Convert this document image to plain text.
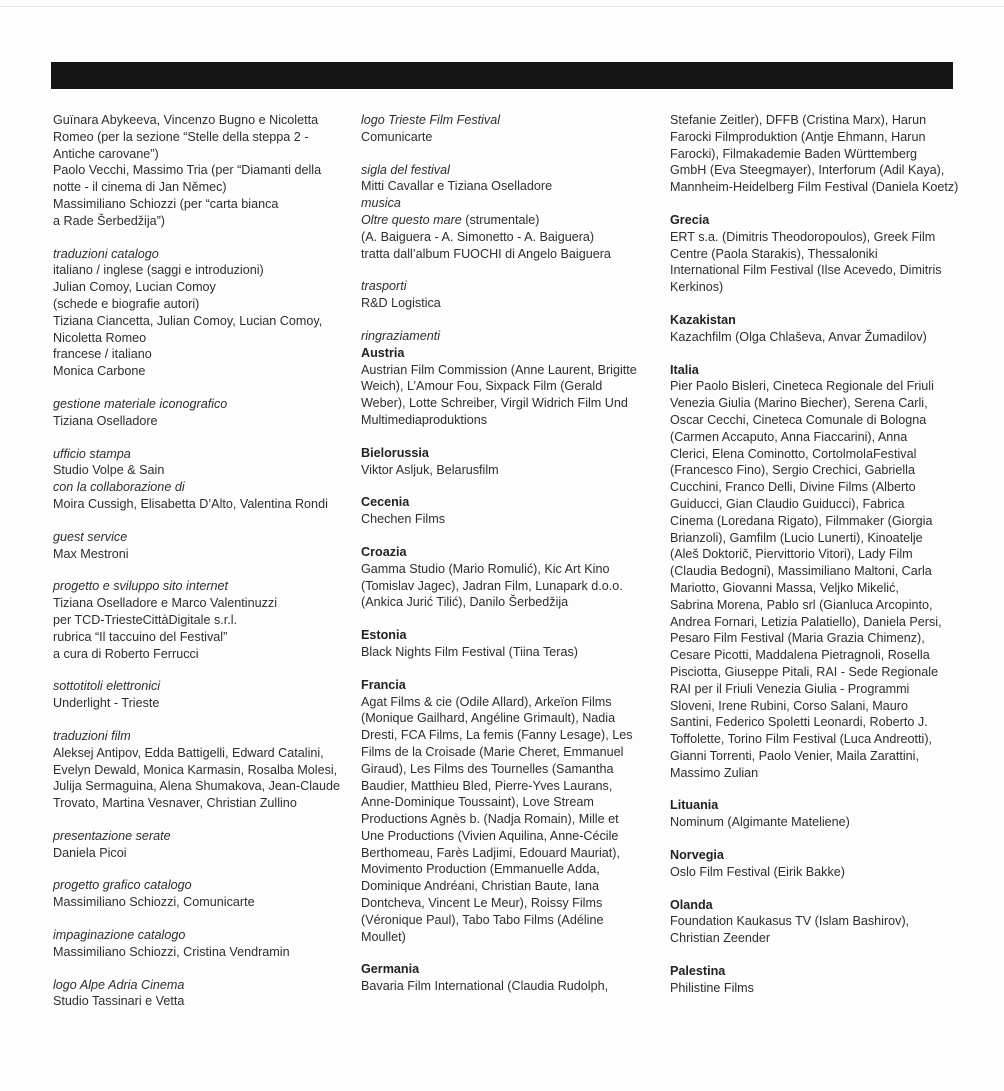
Guïnara Abykeeva, Vincenzo Bugno e Nicoletta
Romeo (per la sezione “Stelle della steppa 2 -
Antiche carovane”)
Paolo Vecchi, Massimo Tria (per “Diamanti della
notte - il cinema di Jan Němec)
Massimiliano Schiozzi (per “carta bianca
a Rade Šerbedžija”)
traduzioni catalogo
italiano / inglese (saggi e introduzioni)
Julian Comoy, Lucian Comoy
(schede e biografie autori)
Tiziana Ciancetta, Julian Comoy, Lucian Comoy,
Nicoletta Romeo
francese / italiano
Monica Carbone
gestione materiale iconografico
Tiziana Oselladore
ufficio stampa
Studio Volpe & Sain
con la collaborazione di
Moira Cussigh, Elisabetta D’Alto, Valentina Rondi
guest service
Max Mestroni
progetto e sviluppo sito internet
Tiziana Oselladore e Marco Valentinuzzi
per TCD-TriesteCittàDigitale s.r.l.
rubrica “Il taccuino del Festival”
a cura di Roberto Ferrucci
sottotitoli elettronici
Underlight - Trieste
traduzioni film
Aleksej Antipov, Edda Battigelli, Edward Catalini,
Evelyn Dewald, Monica Karmasin, Rosalba Molesi,
Julija Sermaguina, Alena Shumakova, Jean-Claude
Trovato, Martina Vesnaver, Christian Zullino
presentazione serate
Daniela Picoi
progetto grafico catalogo
Massimiliano Schiozzi, Comunicarte
impaginazione catalogo
Massimiliano Schiozzi, Cristina Vendramin
logo Alpe Adria Cinema
Studio Tassinari e Vetta
logo Trieste Film Festival
Comunicarte
sigla del festival
Mitti Cavallar e Tiziana Oselladore
musica
Oltre questo mare (strumentale)
(A. Baiguera - A. Simonetto - A. Baiguera)
tratta dall’album FUOCHI di Angelo Baiguera
trasporti
R&D Logistica
ringraziamenti
Austria
Austrian Film Commission (Anne Laurent, Brigitte
Weich), L’Amour Fou, Sixpack Film (Gerald
Weber), Lotte Schreiber, Virgil Widrich Film Und
Multimediaproduktions
Bielorussia
Viktor Asljuk, Belarusfilm
Cecenia
Chechen Films
Croazia
Gamma Studio (Mario Romulić), Kic Art Kino
(Tomislav Jagec), Jadran Film, Lunapark d.o.o.
(Ankica Jurić Tilić), Danilo Šerbedžija
Estonia
Black Nights Film Festival (Tiina Teras)
Francia
Agat Films & cie (Odile Allard), Arkeïon Films
(Monique Gailhard, Angéline Grimault), Nadia
Dresti, FCA Films, La femis (Fanny Lesage), Les
Films de la Croisade (Marie Cheret, Emmanuel
Giraud), Les Films des Tournelles (Samantha
Baudier, Matthieu Bled, Pierre-Yves Laurans,
Anne-Dominique Toussaint), Love Stream
Productions Agnès b. (Nadja Romain), Mille et
Une Productions (Vivien Aquilina, Anne-Cécile
Berthomeau, Farès Ladjimi, Edouard Mauriat),
Movimento Production (Emmanuelle Adda,
Dominique Andréani, Christian Baute, Iana
Dontcheva, Vincent Le Meur), Roissy Films
(Véronique Paul), Tabo Tabo Films (Adéline
Moullet)
Germania
Bavaria Film International (Claudia Rudolph,
Stefanie Zeitler), DFFB (Cristina Marx), Harun
Farocki Filmproduktion (Antje Ehmann, Harun
Farocki), Filmakademie Baden Württemberg
GmbH (Eva Steegmayer), Interforum (Adil Kaya),
Mannheim-Heidelberg Film Festival (Daniela Koetz)
Grecia
ERT s.a. (Dimitris Theodoropoulos), Greek Film
Centre (Paola Starakis), Thessaloniki
International Film Festival (Ilse Acevedo, Dimitris
Kerkinos)
Kazakistan
Kazachfilm (Olga Chlaševa, Anvar Žumadilov)
Italia
Pier Paolo Bisleri, Cineteca Regionale del Friuli
Venezia Giulia (Marino Biecher), Serena Carli,
Oscar Cecchi, Cineteca Comunale di Bologna
(Carmen Accaputo, Anna Fiaccarini), Anna
Clerici, Elena Cominotto, CortolmolaFestival
(Francesco Fino), Sergio Crechici, Gabriella
Cucchini, Franco Delli, Divine Films (Alberto
Guiducci, Gian Claudio Guiducci), Fabrica
Cinema (Loredana Rigato), Filmmaker (Giorgia
Brianzoli), Gamfilm (Lucio Lunerti), Kinoatelje
(Aleš Doktorič, Piervittorio Vitori), Lady Film
(Claudia Bedogni), Massimiliano Maltoni, Carla
Mariotto, Giovanni Massa, Veljko Mikelić,
Sabrina Morena, Pablo srl (Gianluca Arcopinto,
Andrea Fornari, Letizia Palatiello), Daniela Persi,
Pesaro Film Festival (Maria Grazia Chimenz),
Cesare Picotti, Maddalena Pietragnoli, Rosella
Pisciotta, Giuseppe Pitali, RAI - Sede Regionale
RAI per il Friuli Venezia Giulia - Programmi
Sloveni, Irene Rubini, Corso Salani, Mauro
Santini, Federico Spoletti Leonardi, Roberto J.
Toffolette, Torino Film Festival (Luca Andreotti),
Gianni Torrenti, Paolo Venier, Maila Zarattini,
Massimo Zulian
Lituania
Nominum (Algimante Mateliene)
Norvegia
Oslo Film Festival (Eirik Bakke)
Olanda
Foundation Kaukasus TV (Islam Bashirov),
Christian Zeender
Palestina
Philistine Films
